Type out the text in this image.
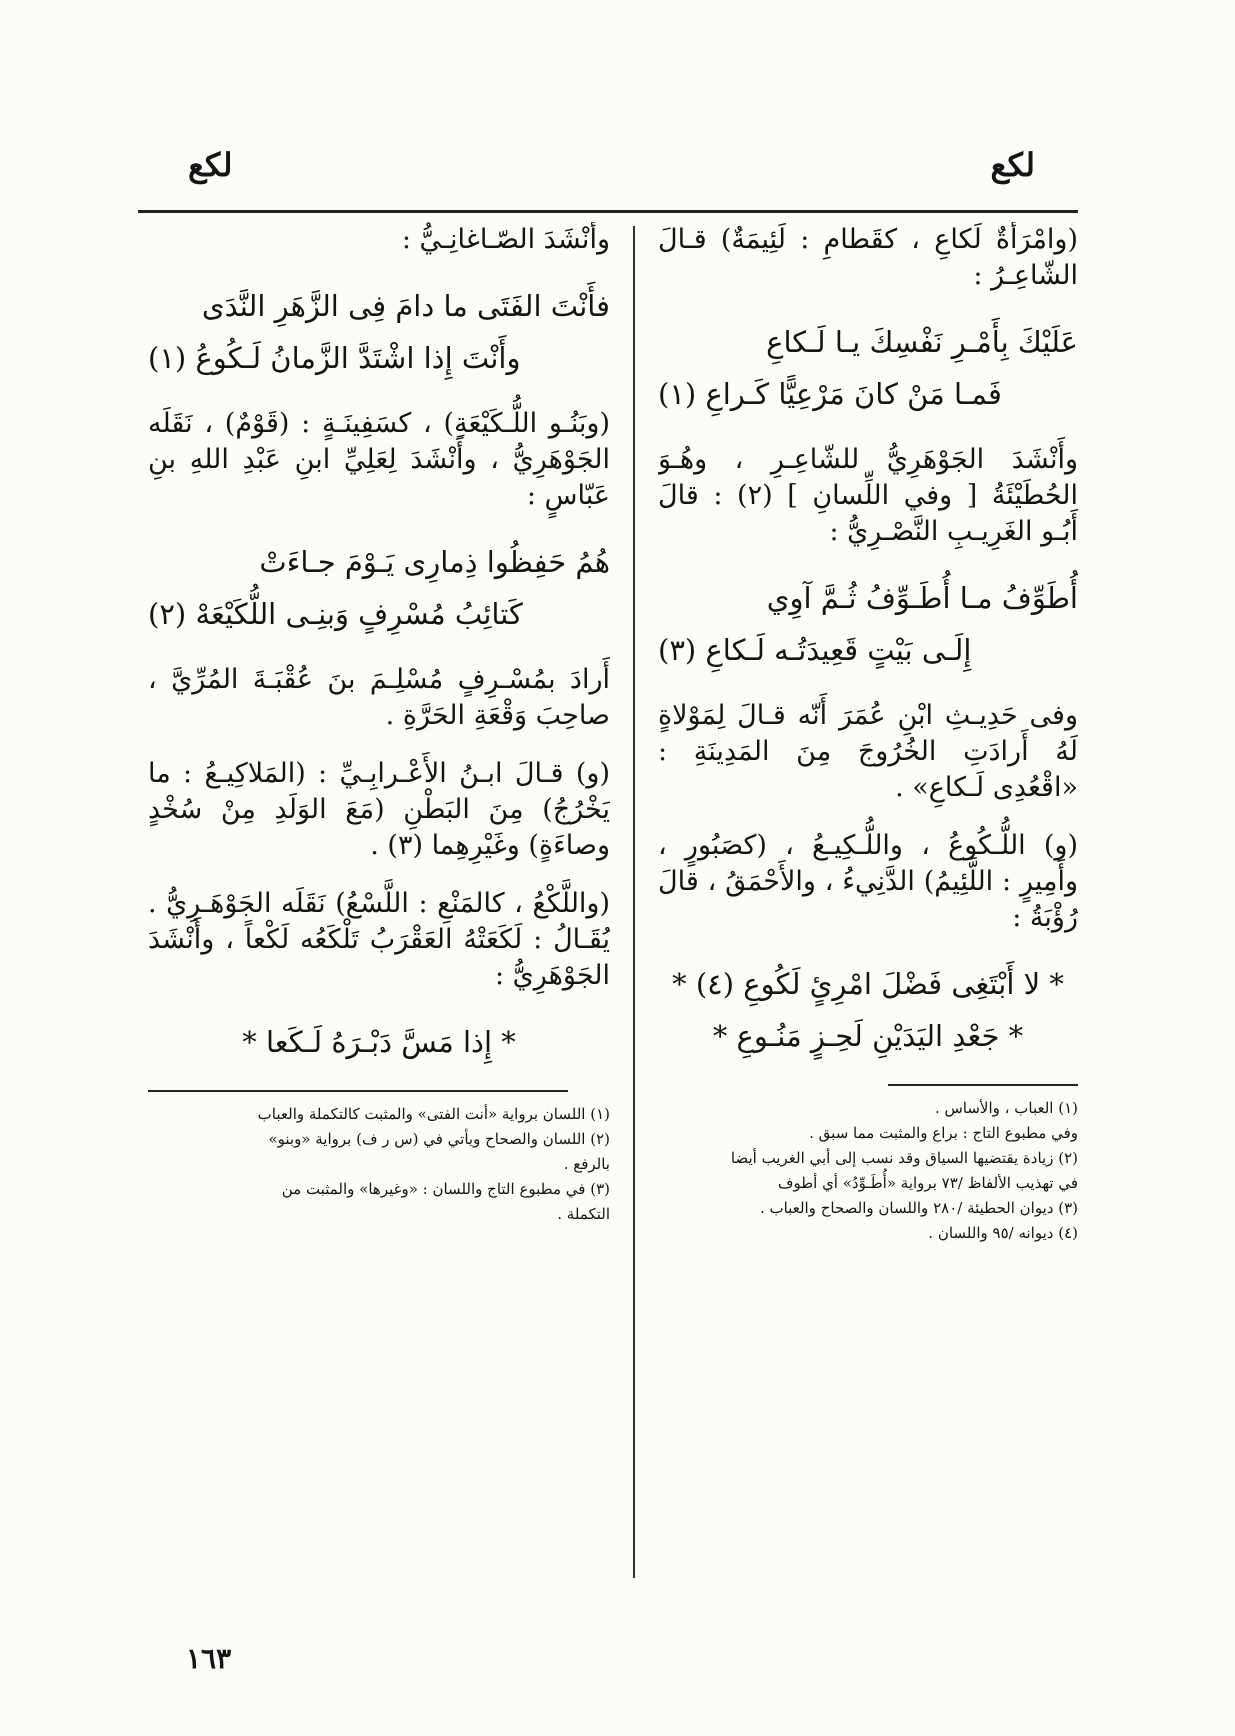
لكع
لكع

(وامْرَأَةٌ لَكاعِ ، كقَطامِ : لَئِيمَةٌ) قـالَ الشّاعِـرُ :

عَلَيْكَ بِأَمْـرِ نَفْسِكَ يـا لَـكاعِ
فَمـا مَنْ كانَ مَرْعِيًّا كَـراعِ (١)

وأَنْشَدَ الجَوْهَرِيُّ للشّاعِـرِ ، وهُـوَ الحُطَيْئَةُ [ وفي اللِّسانِ ] (٢) : قالَ أَبُـو الغَرِيـبِ النَّصْـرِيُّ :

أُطَوِّفُ مـا أُطَـوِّفُ ثُـمَّ آوِي
إِلَـى بَيْتٍ قَعِيدَتُـه لَـكاعِ (٣)

وفى حَدِيـثِ ابْنِ عُمَرَ أَنّه قـالَ لِمَوْلاةٍ لَهُ أَرادَتِ الخُرُوجَ مِنَ المَدِينَةِ : «اقْعُدِى لَـكاعِ» .

(و) اللُّـكُوعُ ، واللُّـكِيـعُ ، (كصَبُورٍ ، وأَمِيرٍ : اللَّئِيمُ) الدَّنِيءُ ، والأَحْمَقُ ، قالَ رُؤْبَةُ :

* لا أَبْتَغِى فَضْلَ امْرِئٍ لَكُوعِ (٤) *
* جَعْدِ اليَدَيْنِ لَحِـزٍ مَنُـوعِ *
(١) العباب ، والأساس .
وفي مطبوع التاج : براع والمثبت مما سبق .
(٢) زيادة يقتضيها السياق وقد نسب إلى أبي الغريب أيضا
في تهذيب الألفاظ /٧٣ برواية «أُطَـوِّدُ» أي أطوف
(٣) ديوان الحطيئة /٢٨٠ واللسان والصحاح والعباب .
(٤) ديوانه /٩٥ واللسان .

وأَنْشَدَ الصّـاغانِـيُّ :

فأَنْتَ الفَتَى ما دامَ فِى الزَّهَرِ النَّدَى
وأَنْتَ إِذا اشْتَدَّ الزَّمانُ لَـكُوعُ (١)

(وبَنُـو اللُّـكَيْعَةِ) ، كسَفِينَـةٍ : (قَوْمٌ) ، نَقَلَه الجَوْهَرِيُّ ، وأَنْشَدَ لِعَلِيِّ ابنِ عَبْدِ اللهِ بنِ عَبّاسٍ :

هُمُ حَفِظُوا ذِمارِى يَـوْمَ جـاءَتْ
كَتائِبُ مُسْرِفٍ وَبنِـى اللُّكَيْعَهْ (٢)

أَرادَ بمُسْـرِفٍ مُسْلِـمَ بنَ عُقْبَـةَ المُرِّيَّ ، صاحِبَ وَقْعَةِ الحَرَّةِ .

(و) قـالَ ابـنُ الأَعْـرابِـيِّ : (المَلاكِيـعُ : ما يَخْرُجُ) مِنَ البَطْنِ (مَعَ الوَلَدِ مِنْ سُخْدٍ وصاءَةٍ) وغَيْرِهِما (٣) .

(واللَّكْعُ ، كالمَنْعِ : اللَّسْعُ) نَقَلَه الجَوْهَـرِيُّ . يُقَـالُ : لَكَعَتْهُ العَقْرَبُ تَلْكَعُه لَكْعاً ، وأَنْشَدَ الجَوْهَرِيُّ :

* إِذا مَسَّ دَبْـرَهُ لَـكَعا *
(١) اللسان برواية «أنت الفتى» والمثبت كالتكملة والعباب
(٢) اللسان والصحاح ويأتي في (س ر ف) برواية «وبنو»
بالرفع .
(٣) في مطبوع التاج واللسان : «وغيرها» والمثبت من
التكملة .
١٦٣
